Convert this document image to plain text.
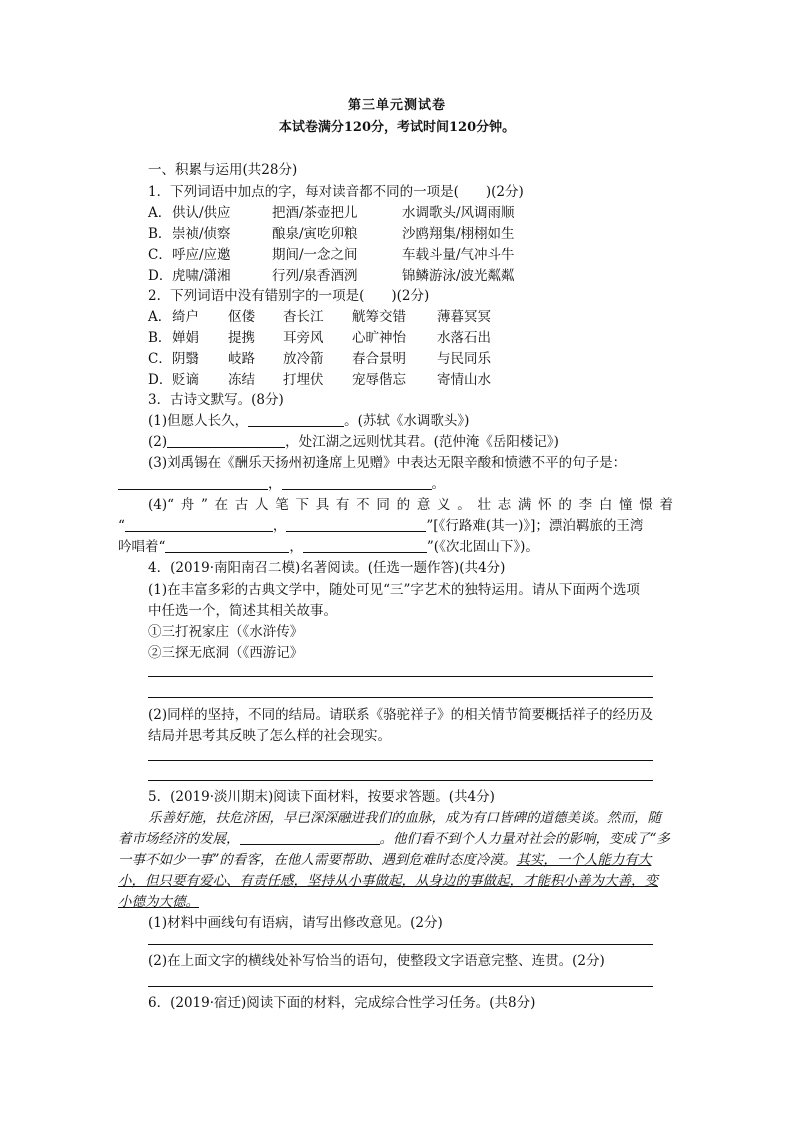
第三单元测试卷
本试卷满分120分，考试时间120分钟。
一、积累与运用(共28分)
1．下列词语中加点的字，每对读音都不同的一项是(　　)(2分)
A． 供认/供应	把酒/茶壶把儿	水调歌头/风调雨顺
B． 崇祯/侦察	酿泉/寅吃卯粮	沙鸥翔集/栩栩如生
C． 呼应/应邀	期间/一念之间	车载斗量/气冲斗牛
D． 虎啸/潇湘	行列/泉香酒洌	锦鳞游泳/波光粼粼
2．下列词语中没有错别字的一项是(　　)(2分)
A． 绮户 伛偻 杳长江 觥筹交错 薄暮冥冥
B． 婵娟 提携 耳旁风 心旷神怡 水落石出
C． 阴翳 岐路 放冷箭 春合景明 与民同乐
D． 贬谪 冻结 打埋伏 宠辱偕忘 寄情山水
3．古诗文默写。(8分)
(1)但愿人长久，	。(苏轼《水调歌头》)
(2)	，处江湖之远则忧其君。(范仲淹《岳阳楼记》)
(3)刘禹锡在《酬乐天扬州初逢席上见赠》中表达无限辛酸和愤懑不平的句子是：
，	。
(4)“舟”在古人笔下具有不同的意义。壮志满怀的李白憧憬着
“	，	”[《行路难(其一)》]；漂泊羁旅的王湾
吟唱着“	，	”(《次北固山下》)。
4．(2019·南阳南召二模)名著阅读。(任选一题作答)(共4分)
(1)在丰富多彩的古典文学中，随处可见“三”字艺术的独特运用。请从下面两个选项
中任选一个，简述其相关故事。
①三打祝家庄（《水浒传》
②三探无底洞（《西游记》
(2)同样的坚持，不同的结局。请联系《骆驼祥子》的相关情节简要概括祥子的经历及
结局并思考其反映了怎么样的社会现实。
5．(2019·淡川期末)阅读下面材料，按要求答题。(共4分)
乐善好施，扶危济困，早已深深融进我们的血脉，成为有口皆碑的道德美谈。然而，随
着市场经济的发展，	。他们看不到个人力量对社会的影响，变成了“多
一事不如少一事”的看客，在他人需要帮助、遇到危难时态度冷漠。其实，一个人能力有大
小，但只要有爱心、有责任感，坚持从小事做起，从身边的事做起，才能积小善为大善，变
小德为大德。
(1)材料中画线句有语病，请写出修改意见。(2分)
(2)在上面文字的横线处补写恰当的语句，使整段文字语意完整、连贯。(2分)
6．(2019·宿迁)阅读下面的材料，完成综合性学习任务。(共8分)
